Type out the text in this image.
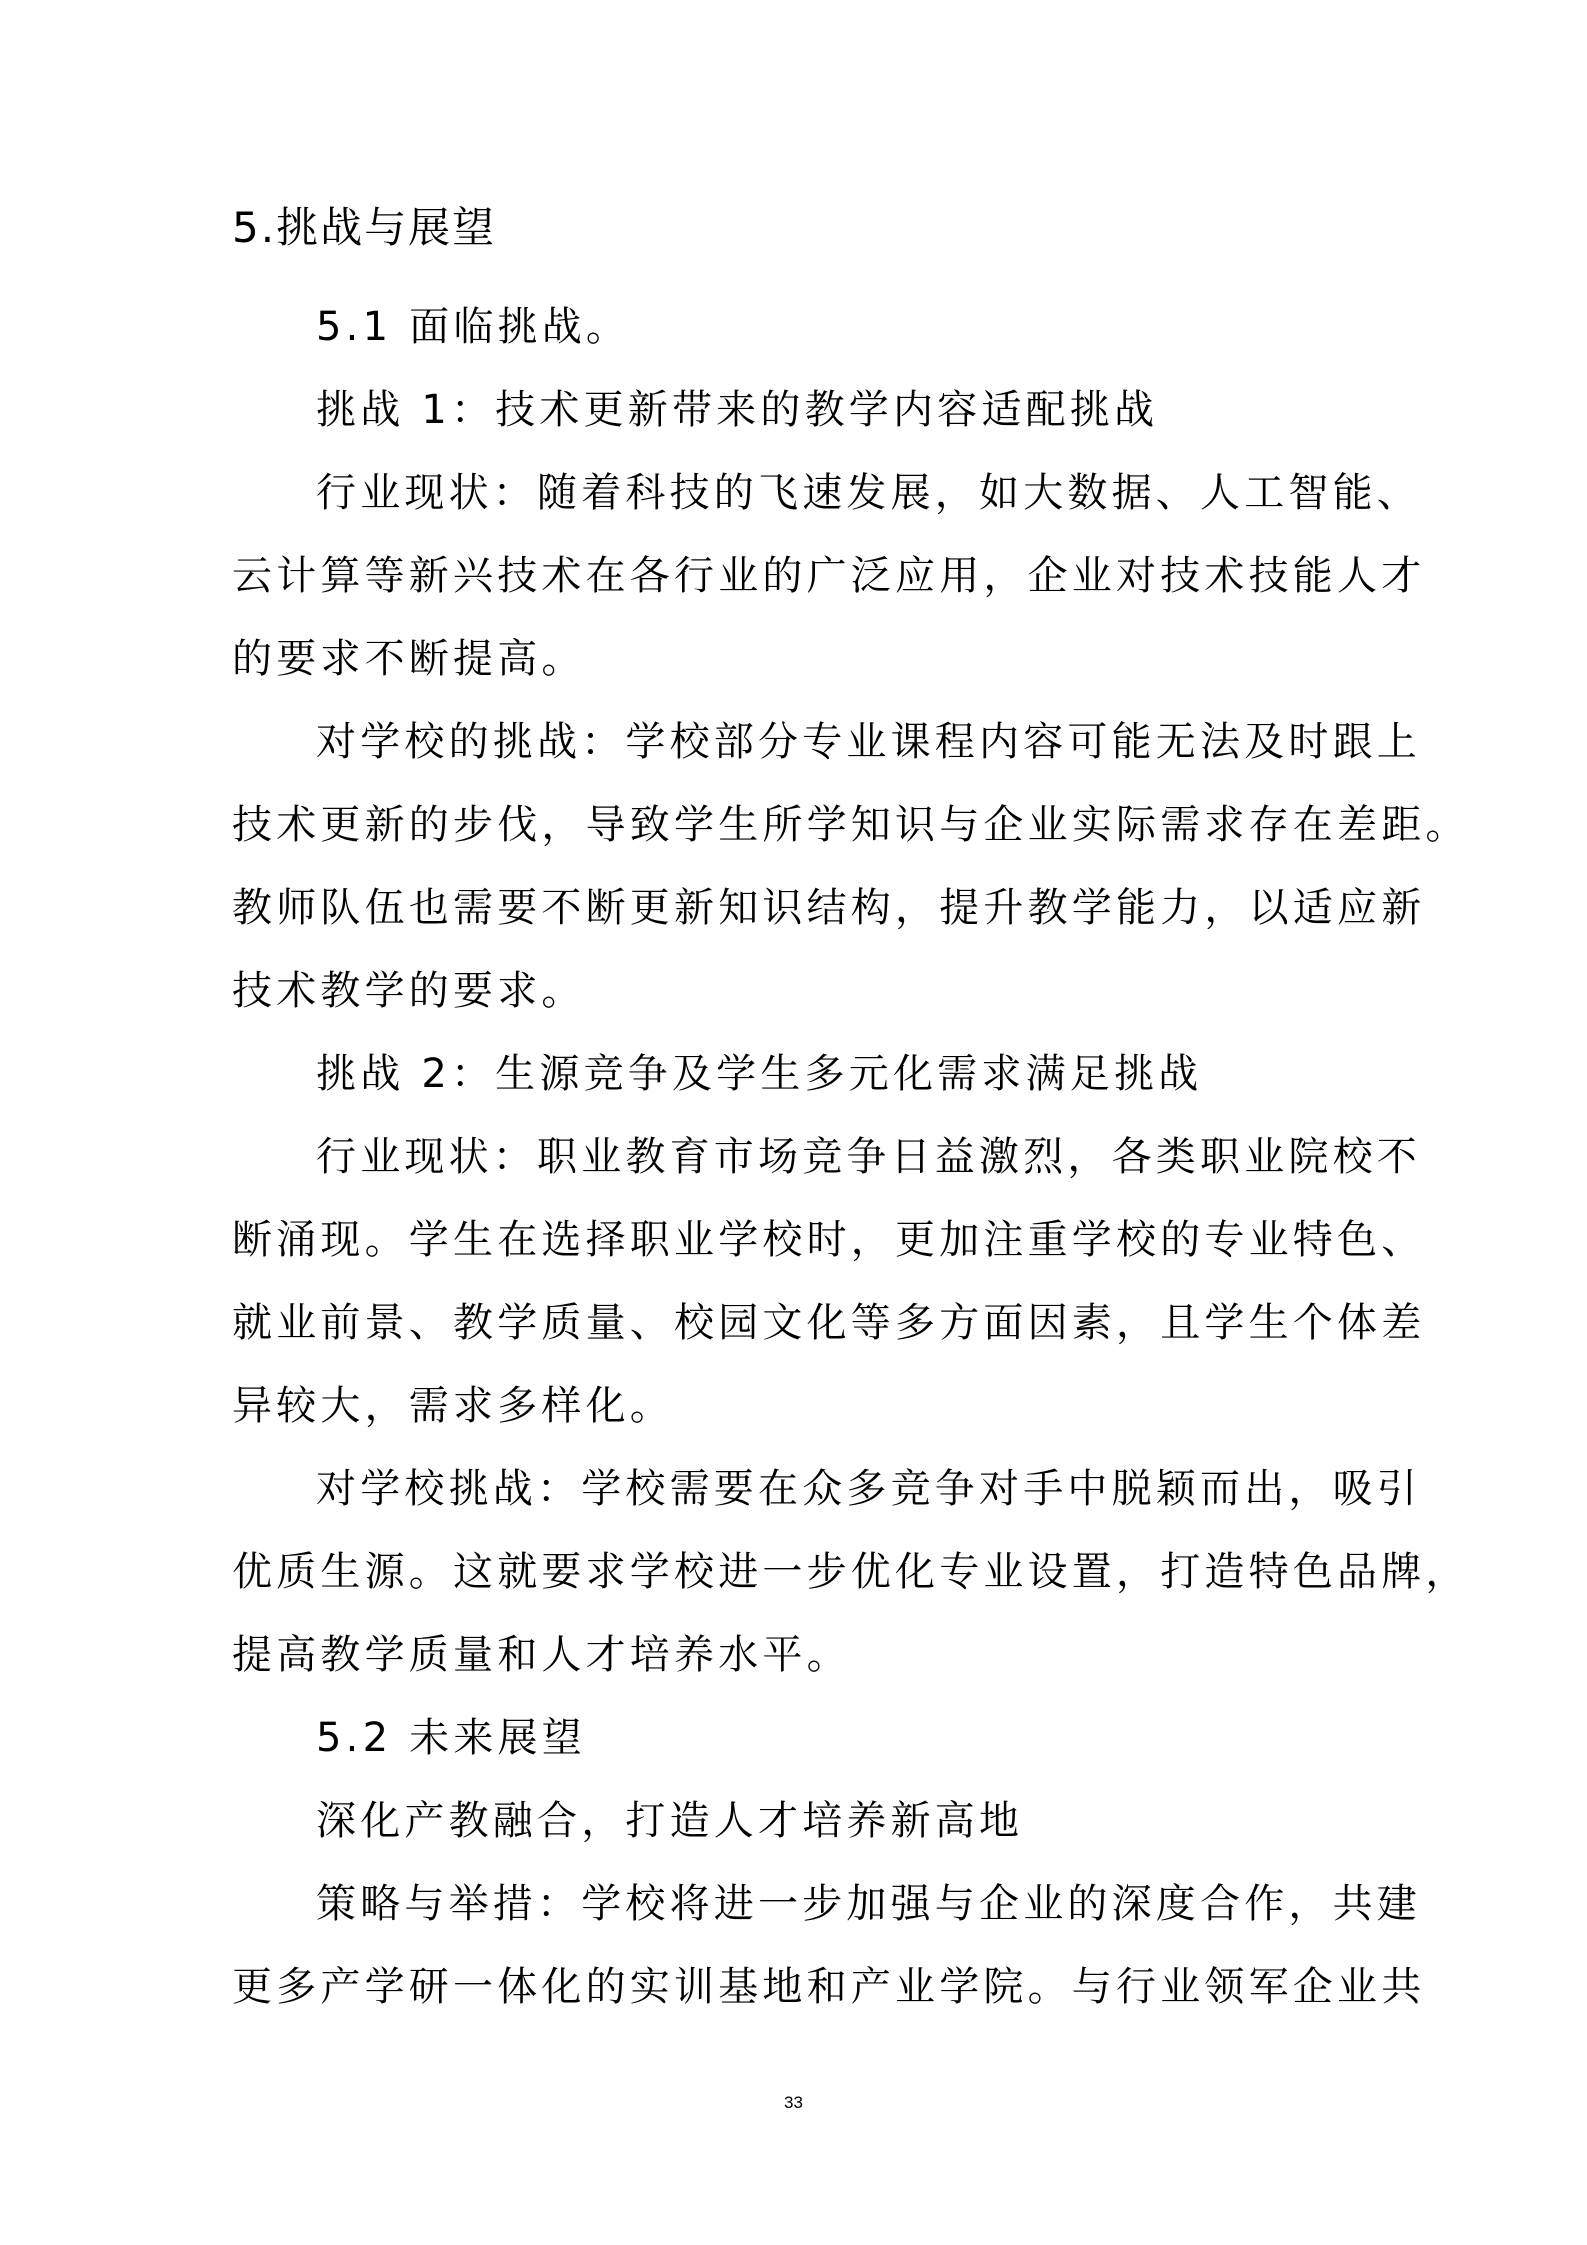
5.挑战与展望
5.1 面临挑战。
挑战 1：技术更新带来的教学内容适配挑战

行业现状：随着科技的飞速发展，如大数据、人工智能、

云计算等新兴技术在各行业的广泛应用，企业对技术技能人才

的要求不断提高。

对学校的挑战：学校部分专业课程内容可能无法及时跟上

技术更新的步伐，导致学生所学知识与企业实际需求存在差距。

教师队伍也需要不断更新知识结构，提升教学能力，以适应新

技术教学的要求。

挑战 2：生源竞争及学生多元化需求满足挑战

行业现状：职业教育市场竞争日益激烈，各类职业院校不

断涌现。学生在选择职业学校时，更加注重学校的专业特色、

就业前景、教学质量、校园文化等多方面因素，且学生个体差

异较大，需求多样化。

对学校挑战：学校需要在众多竞争对手中脱颖而出，吸引

优质生源。这就要求学校进一步优化专业设置，打造特色品牌，

提高教学质量和人才培养水平。

5.2 未来展望
深化产教融合，打造人才培养新高地

策略与举措：学校将进一步加强与企业的深度合作，共建

更多产学研一体化的实训基地和产业学院。与行业领军企业共

33
